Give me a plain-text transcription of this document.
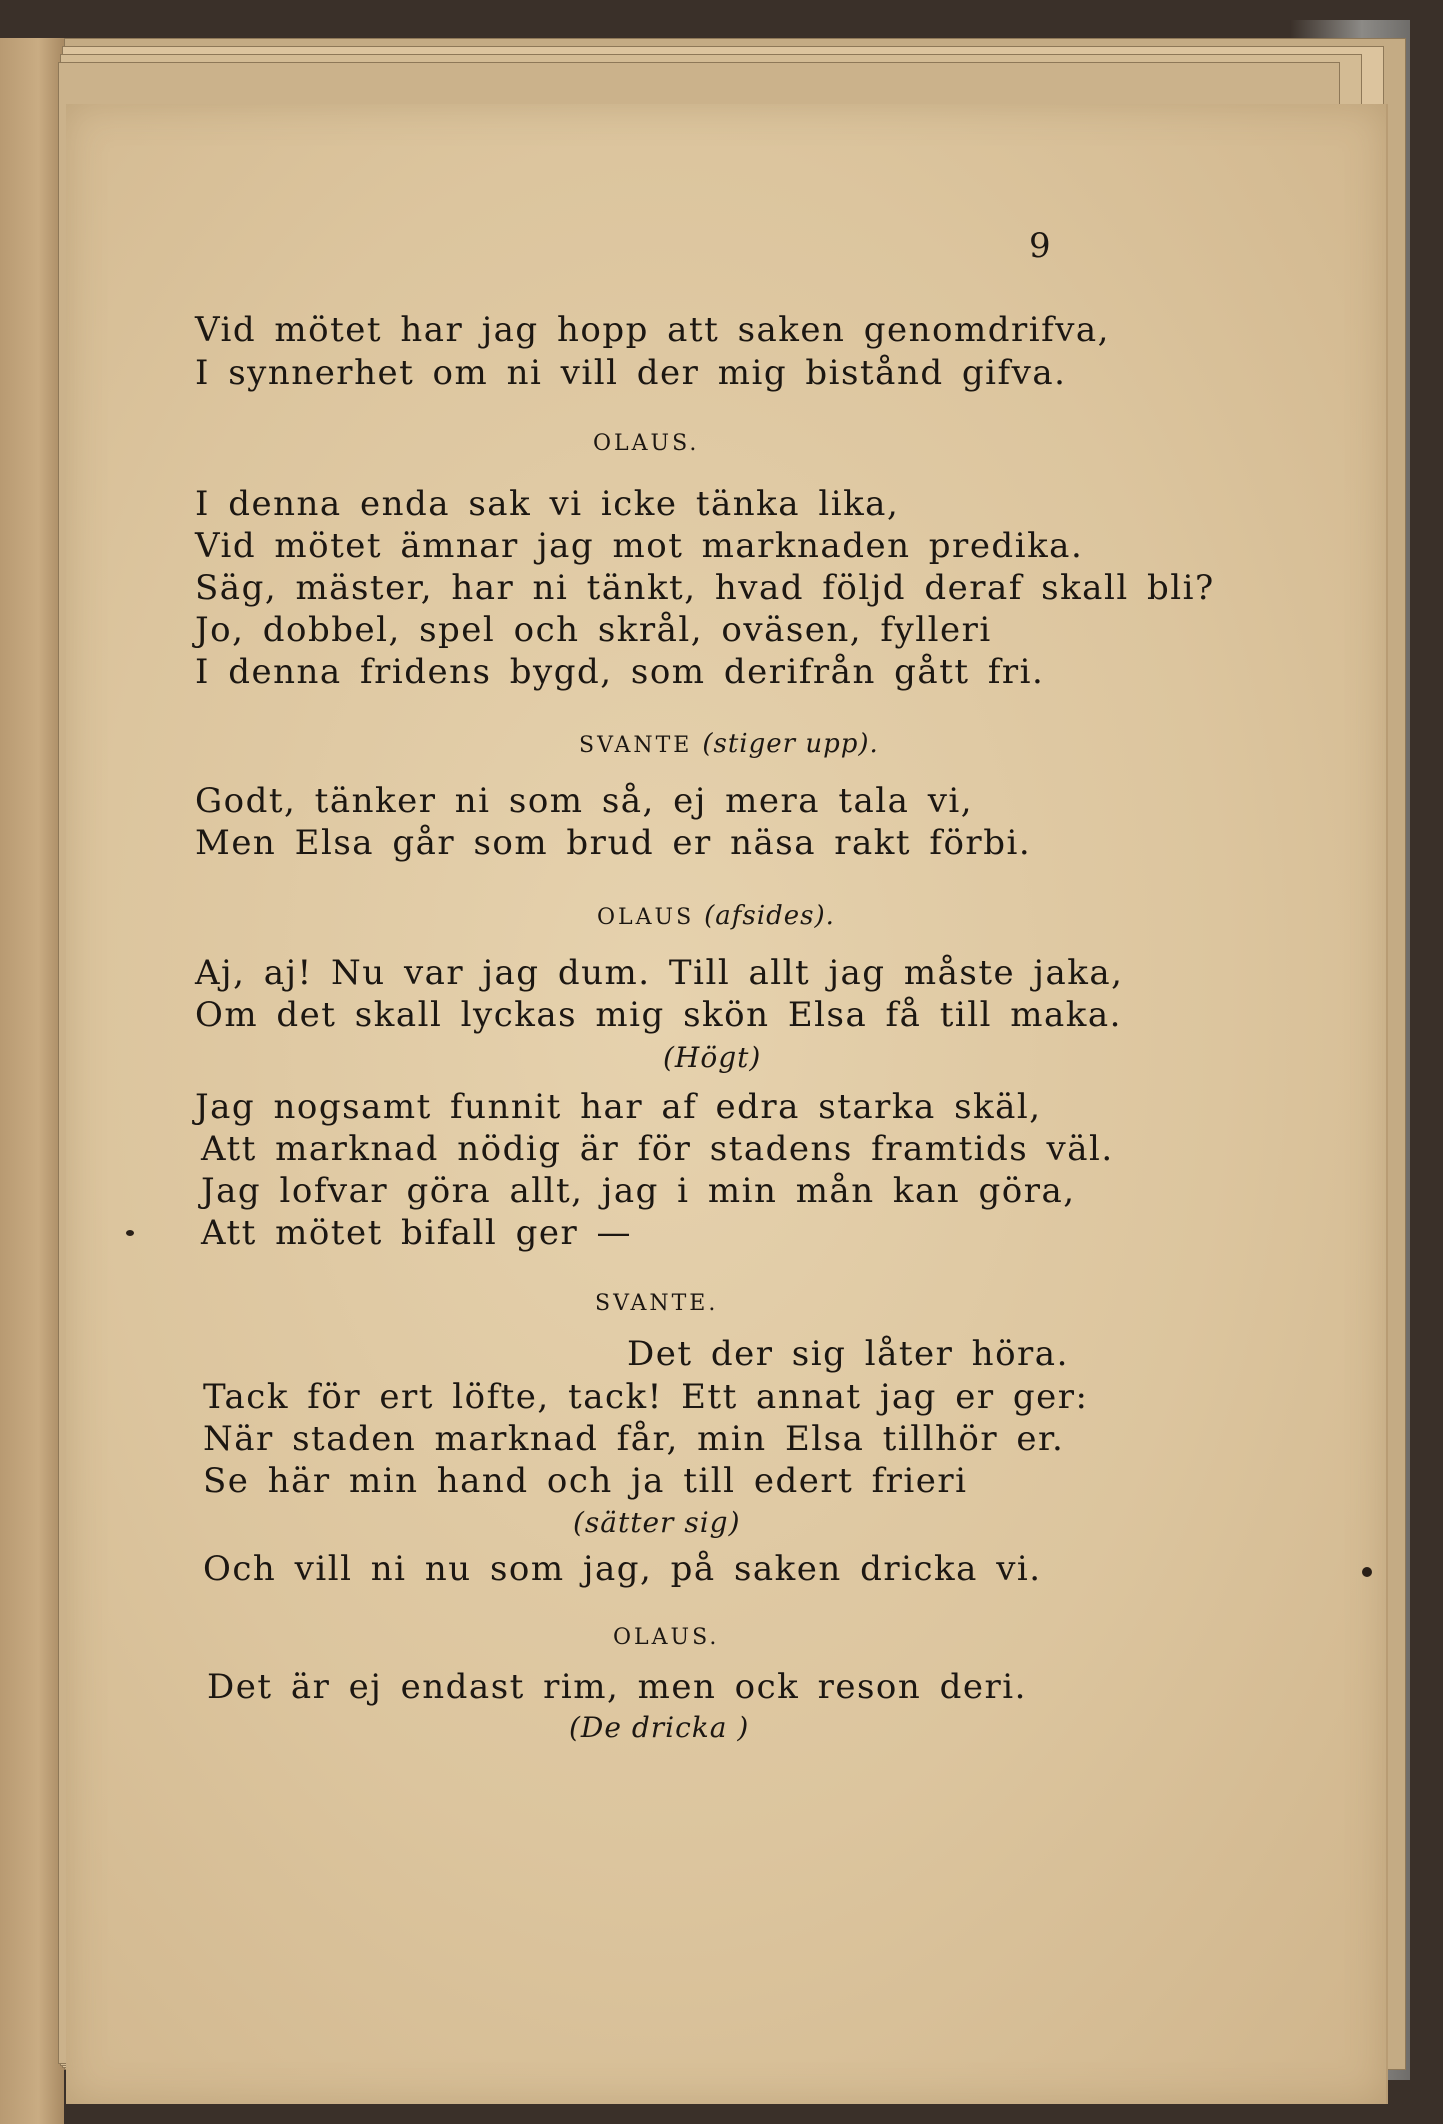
9
Vid mötet har jag hopp att saken genomdrifva,
I synnerhet om ni vill der mig bistånd gifva.
OLAUS.
I denna enda sak vi icke tänka lika,
Vid mötet ämnar jag mot marknaden predika.
Säg, mäster, har ni tänkt, hvad följd deraf skall bli?
Jo, dobbel, spel och skrål, oväsen, fylleri
I denna fridens bygd, som derifrån gått fri.
SVANTE (stiger upp).
Godt, tänker ni som så, ej mera tala vi,
Men Elsa går som brud er näsa rakt förbi.
OLAUS (afsides).
Aj, aj! Nu var jag dum. Till allt jag måste jaka,
Om det skall lyckas mig skön Elsa få till maka.
(Högt)
Jag nogsamt funnit har af edra starka skäl,
Att marknad nödig är för stadens framtids väl.
Jag lofvar göra allt, jag i min mån kan göra,
Att mötet bifall ger —
SVANTE.
Det der sig låter höra.
Tack för ert löfte, tack! Ett annat jag er ger:
När staden marknad får, min Elsa tillhör er.
Se här min hand och ja till edert frieri
(sätter sig)
Och vill ni nu som jag, på saken dricka vi.
OLAUS.
Det är ej endast rim, men ock reson deri.
(De dricka )
